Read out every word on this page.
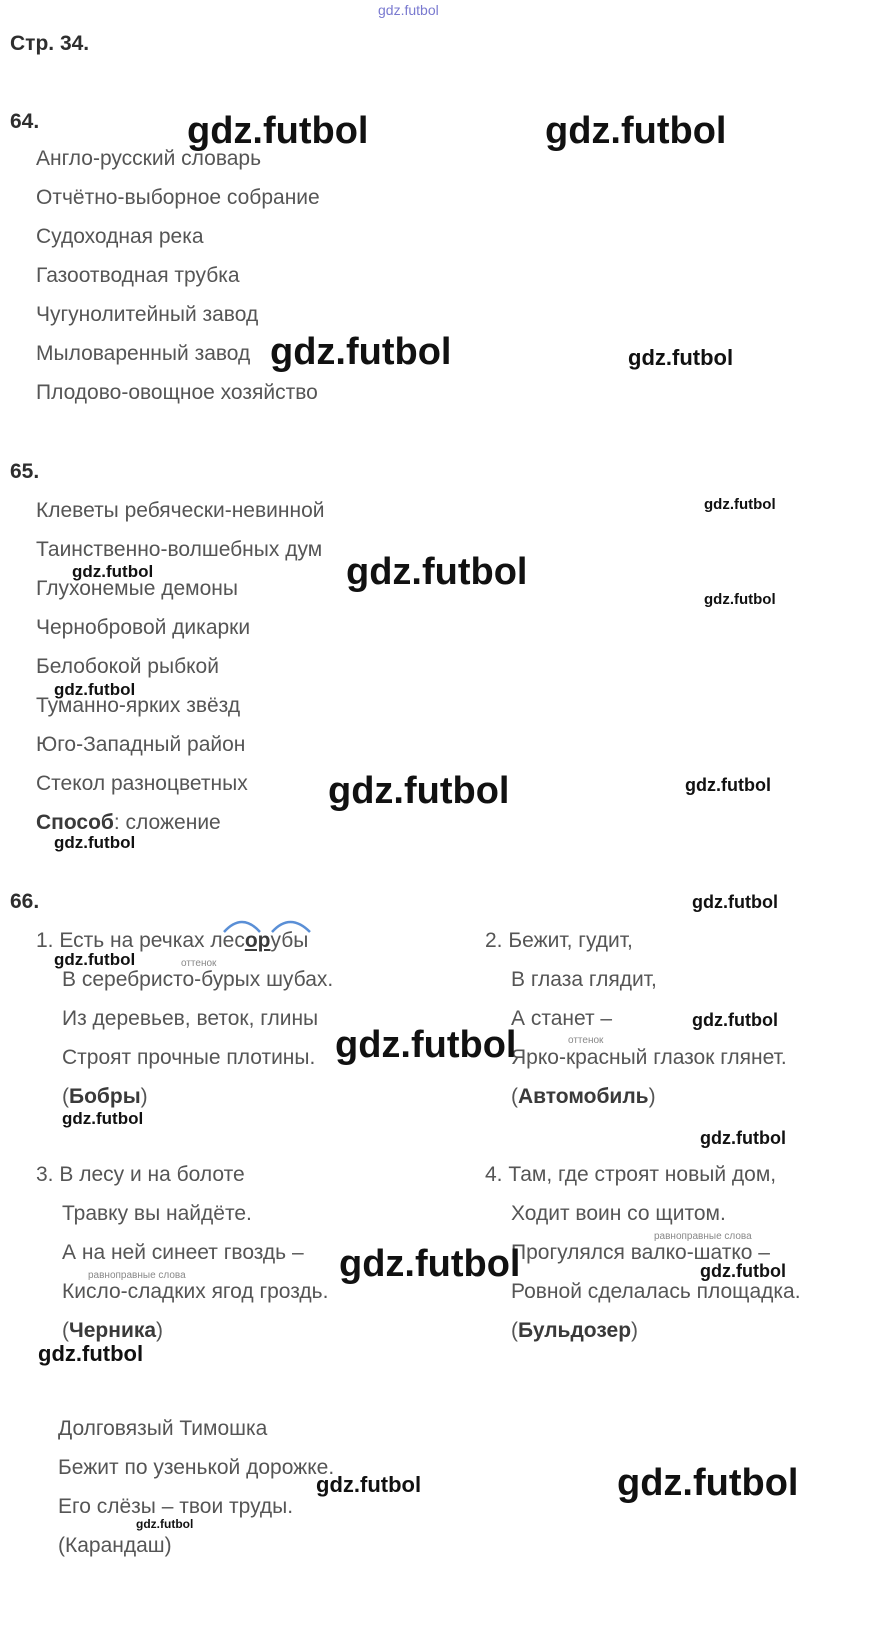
gdz.futbol
Стр. 34.
64.
Англо-русский словарь
Отчётно-выборное собрание
Судоходная река
Газоотводная трубка
Чугунолитейный завод
Мыловаренный завод
Плодово-овощное хозяйство
65.
Клеветы ребячески-невинной
Таинственно-волшебных дум
Глухонемые демоны
Чернобровой дикарки
Белобокой рыбкой
Туманно-ярких звёзд
Юго-Западный район
Стекол разноцветных
Способ: сложение
66.
1. Есть на речках лесорубы
оттенок
В серебристо-бурых шубах.
Из деревьев, веток, глины
Строят прочные плотины.
(Бобры)
2. Бежит, гудит,
В глаза глядит,
А станет –
оттенок
Ярко-красный глазок глянет.
(Автомобиль)
3. В лесу и на болоте
Травку вы найдёте.
А на ней синеет гвоздь –
равноправные слова
Кисло-сладких ягод гроздь.
(Черника)
4. Там, где строят новый дом,
Ходит воин со щитом.
равноправные слова
Прогулялся валко-шатко –
Ровной сделалась площадка.
(Бульдозер)
Долговязый Тимошка
Бежит по узенькой дорожке.
Его слёзы – твои труды.
(Карандаш)
gdz.futbol	gdz.futbol
gdz.futbol	gdz.futbol
gdz.futbol
gdz.futbol
gdz.futbol
gdz.futbol
gdz.futbol
gdz.futbol	gdz.futbol
gdz.futbol
gdz.futbol
gdz.futbol
gdz.futbol
gdz.futbol
gdz.futbol
gdz.futbol
gdz.futbol	gdz.futbol
gdz.futbol
gdz.futbol	gdz.futbol
gdz.futbol
